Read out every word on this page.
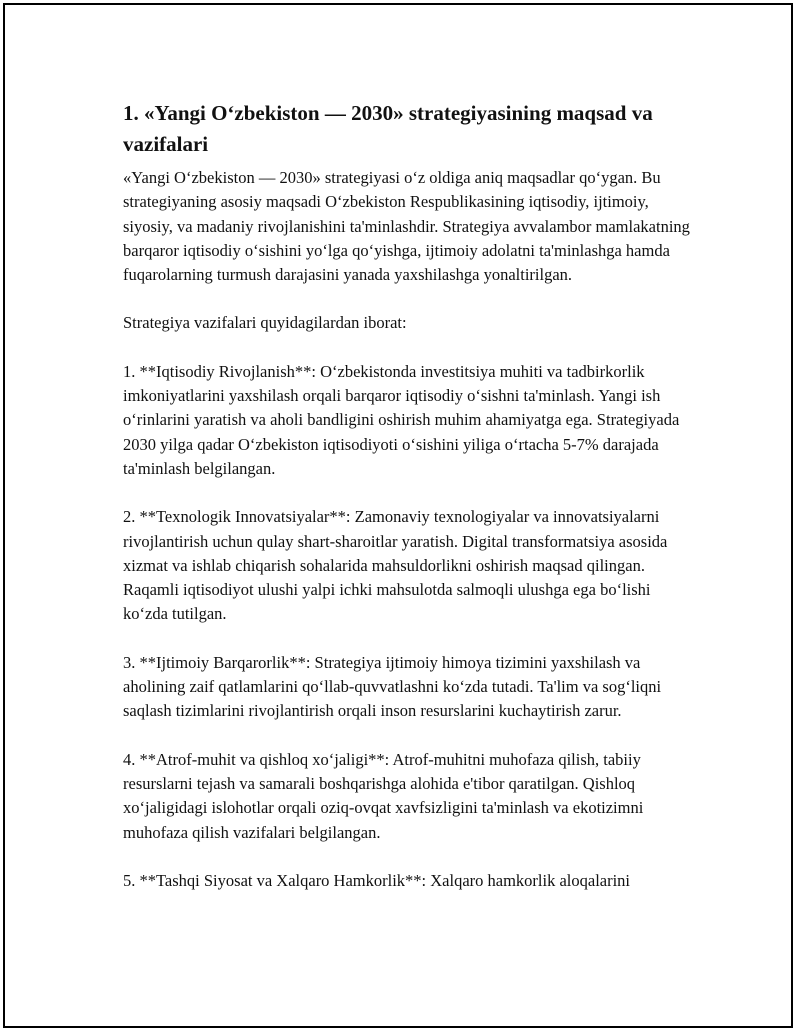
1. «Yangi O‘zbekiston — 2030» strategiyasining maqsad va vazifalari

«Yangi O‘zbekiston — 2030» strategiyasi o‘z oldiga aniq maqsadlar qo‘ygan. Bu strategiyaning asosiy maqsadi O‘zbekiston Respublikasining iqtisodiy, ijtimoiy, siyosiy, va madaniy rivojlanishini ta'minlashdir. Strategiya avvalambor mamlakatning barqaror iqtisodiy o‘sishini yo‘lga qo‘yishga, ijtimoiy adolatni ta'minlashga hamda fuqarolarning turmush darajasini yanada yaxshilashga yonaltirilgan.

Strategiya vazifalari quyidagilardan iborat:

1. **Iqtisodiy Rivojlanish**: O‘zbekistonda investitsiya muhiti va tadbirkorlik imkoniyatlarini yaxshilash orqali barqaror iqtisodiy o‘sishni ta'minlash. Yangi ish o‘rinlarini yaratish va aholi bandligini oshirish muhim ahamiyatga ega. Strategiyada 2030 yilga qadar O‘zbekiston iqtisodiyoti o‘sishini yiliga o‘rtacha 5-7% darajada ta'minlash belgilangan.

2. **Texnologik Innovatsiyalar**: Zamonaviy texnologiyalar va innovatsiyalarni rivojlantirish uchun qulay shart-sharoitlar yaratish. Digital transformatsiya asosida xizmat va ishlab chiqarish sohalarida mahsuldorlikni oshirish maqsad qilingan. Raqamli iqtisodiyot ulushi yalpi ichki mahsulotda salmoqli ulushga ega bo‘lishi ko‘zda tutilgan.

3. **Ijtimoiy Barqarorlik**: Strategiya ijtimoiy himoya tizimini yaxshilash va aholining zaif qatlamlarini qo‘llab-quvvatlashni ko‘zda tutadi. Ta'lim va sog‘liqni saqlash tizimlarini rivojlantirish orqali inson resurslarini kuchaytirish zarur.

4. **Atrof-muhit va qishloq xo‘jaligi**: Atrof-muhitni muhofaza qilish, tabiiy resurslarni tejash va samarali boshqarishga alohida e'tibor qaratilgan. Qishloq xo‘jaligidagi islohotlar orqali oziq-ovqat xavfsizligini ta'minlash va ekotizimni muhofaza qilish vazifalari belgilangan.

5. **Tashqi Siyosat va Xalqaro Hamkorlik**: Xalqaro hamkorlik aloqalarini
